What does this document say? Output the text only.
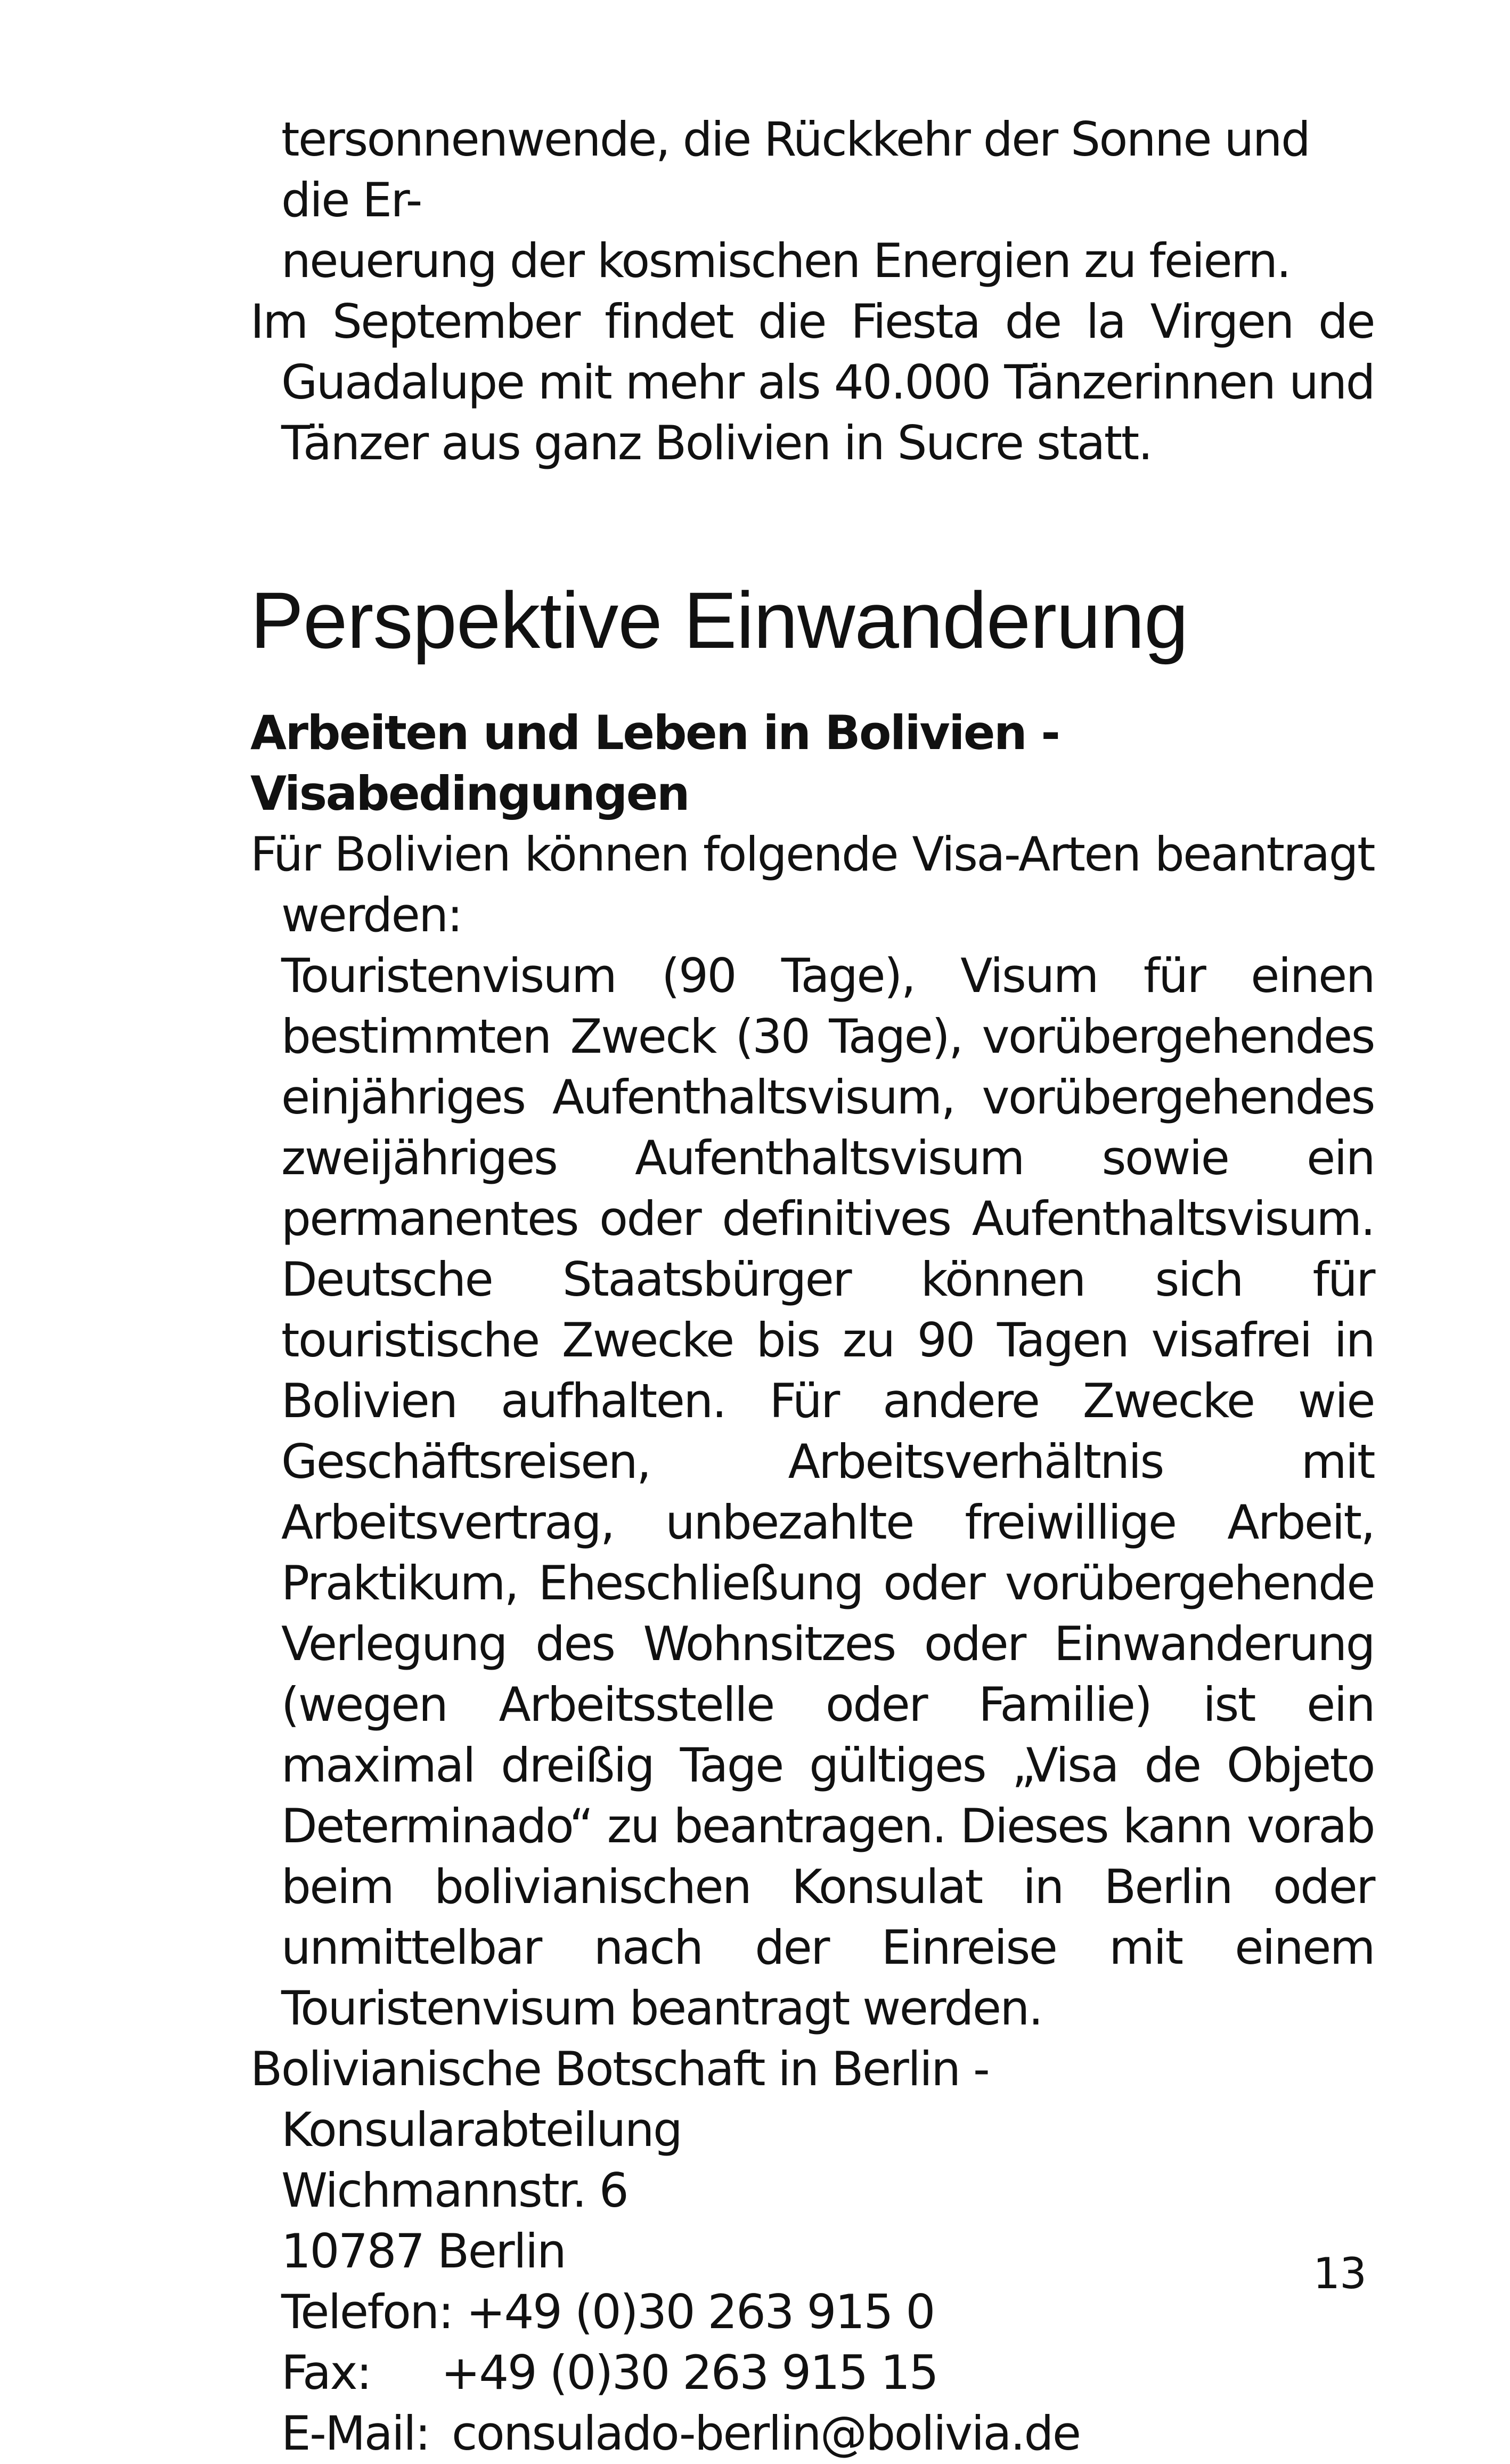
tersonnenwende, die Rückkehr der Sonne und die Er-
neuerung der kosmischen Energien zu feiern.

Im September findet die Fiesta de la Virgen de Guadalupe mit mehr als 40.000 Tänzerinnen und Tänzer aus ganz Bolivien in Sucre statt.

Perspektive Einwanderung
Arbeiten und Leben in Bolivien - Visabedingungen

Für Bolivien können folgende Visa-Arten beantragt werden:

Touristenvisum (90 Tage), Visum für einen bestimmten Zweck (30 Tage), vorübergehendes einjähriges Aufenthaltsvisum, vorübergehendes zweijähriges Aufenthaltsvisum sowie ein permanentes oder definitives Aufenthaltsvisum. Deutsche Staatsbürger können sich für touristische Zwecke bis zu 90 Tagen visafrei in Bolivien aufhalten. Für andere Zwecke wie Geschäftsreisen, Arbeitsverhältnis mit Arbeitsvertrag, unbezahlte freiwillige Arbeit, Praktikum, Eheschließung oder vorübergehende Verlegung des Wohnsitzes oder Einwanderung (wegen Arbeitsstelle oder Familie) ist ein maximal dreißig Tage gültiges „Visa de Objeto Determinado“ zu beantragen. Dieses kann vorab beim bolivianischen Konsulat in Berlin oder unmittelbar nach der Einreise mit einem Touristenvisum beantragt werden.

Bolivianische Botschaft in Berlin - Konsularabteilung

Wichmannstr. 6
10787 Berlin
Telefon: +49 (0)30 263 915 0
Fax: +49 (0)30 263 915 15
E-Mail: consulado-berlin@bolivia.de
13
